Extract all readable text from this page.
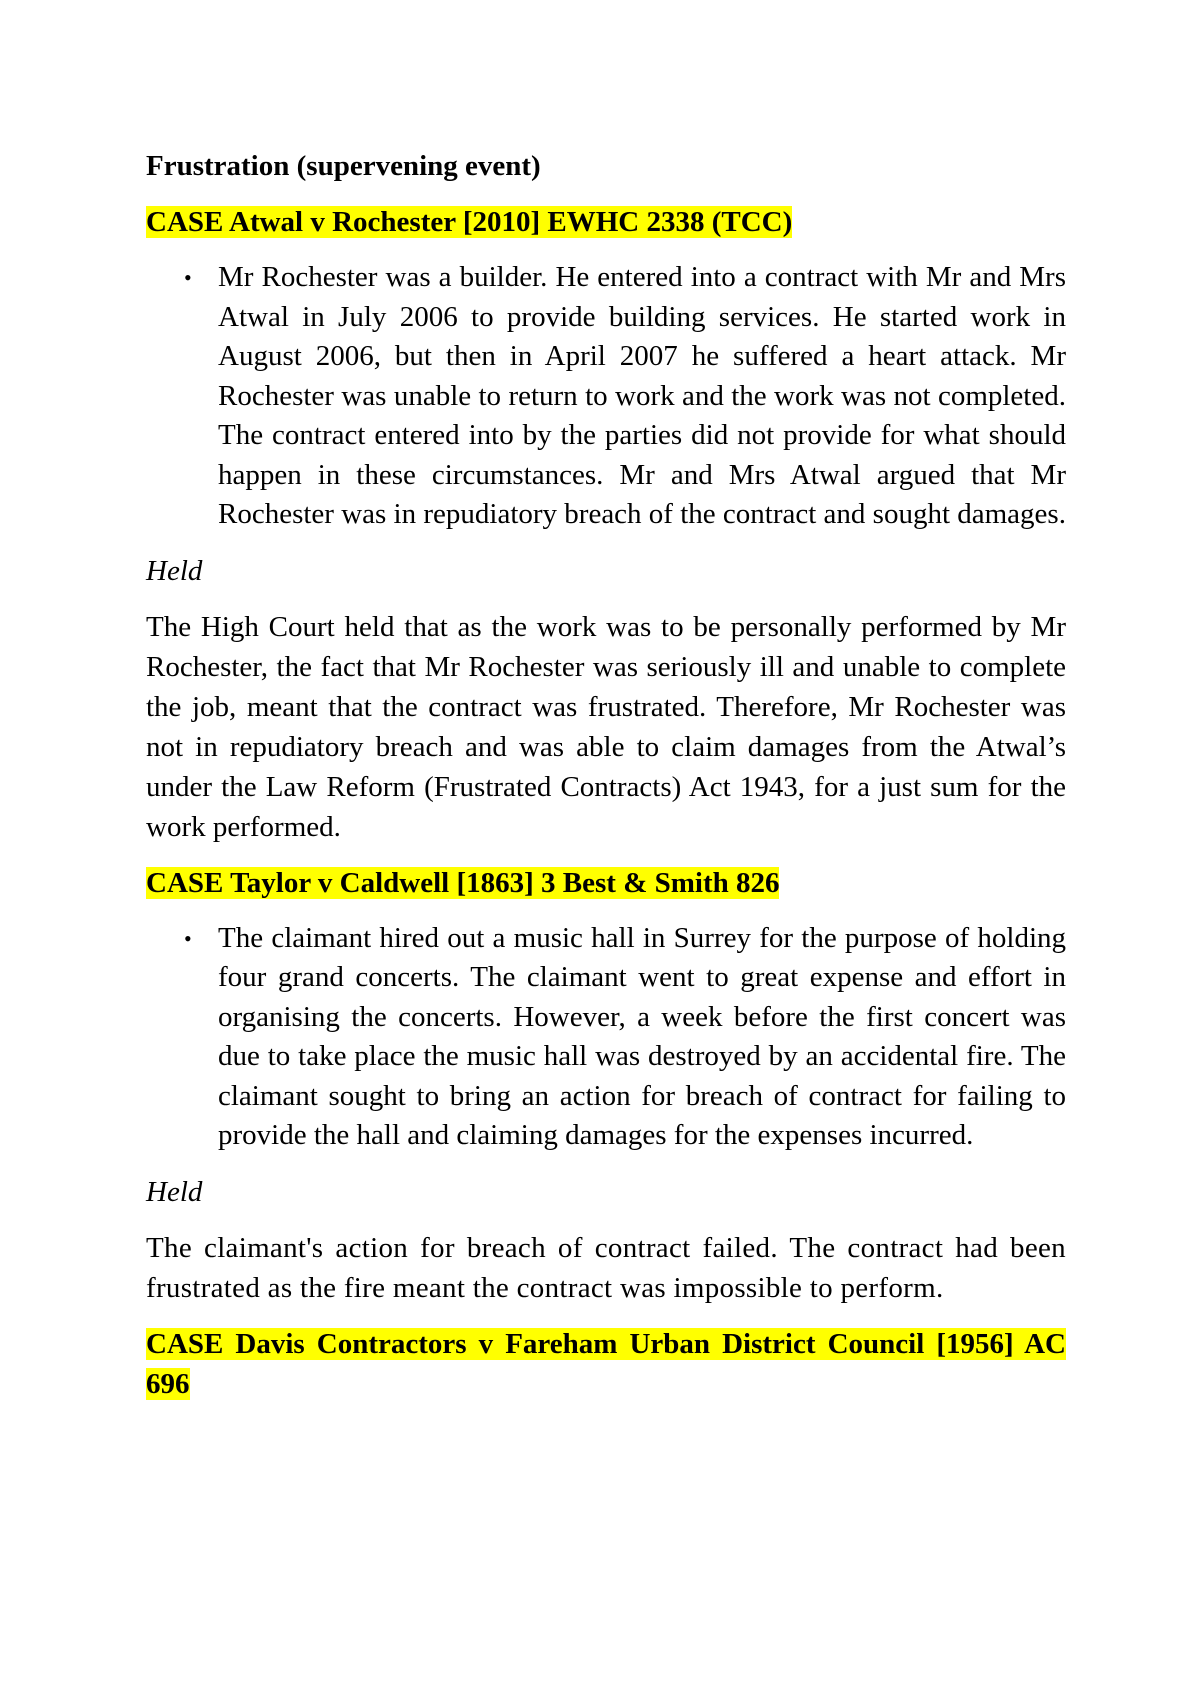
Frustration (supervening event)
CASE Atwal v Rochester [2010] EWHC 2338 (TCC)
• Mr Rochester was a builder. He entered into a contract with Mr and Mrs Atwal in July 2006 to provide building services. He started work in August 2006, but then in April 2007 he suffered a heart attack. Mr Rochester was unable to return to work and the work was not completed. The contract entered into by the parties did not provide for what should happen in these circumstances. Mr and Mrs Atwal argued that Mr Rochester was in repudiatory breach of the contract and sought damages.
Held
The High Court held that as the work was to be personally performed by Mr Rochester, the fact that Mr Rochester was seriously ill and unable to complete the job, meant that the contract was frustrated. Therefore, Mr Rochester was not in repudiatory breach and was able to claim damages from the Atwal’s under the Law Reform (Frustrated Contracts) Act 1943, for a just sum for the work performed.
CASE Taylor v Caldwell [1863] 3 Best & Smith 826
• The claimant hired out a music hall in Surrey for the purpose of holding four grand concerts. The claimant went to great expense and effort in organising the concerts. However, a week before the first concert was due to take place the music hall was destroyed by an accidental fire. The claimant sought to bring an action for breach of contract for failing to provide the hall and claiming damages for the expenses incurred.
Held
The claimant's action for breach of contract failed. The contract had been frustrated as the fire meant the contract was impossible to perform.
CASE Davis Contractors v Fareham Urban District Council [1956] AC 696
